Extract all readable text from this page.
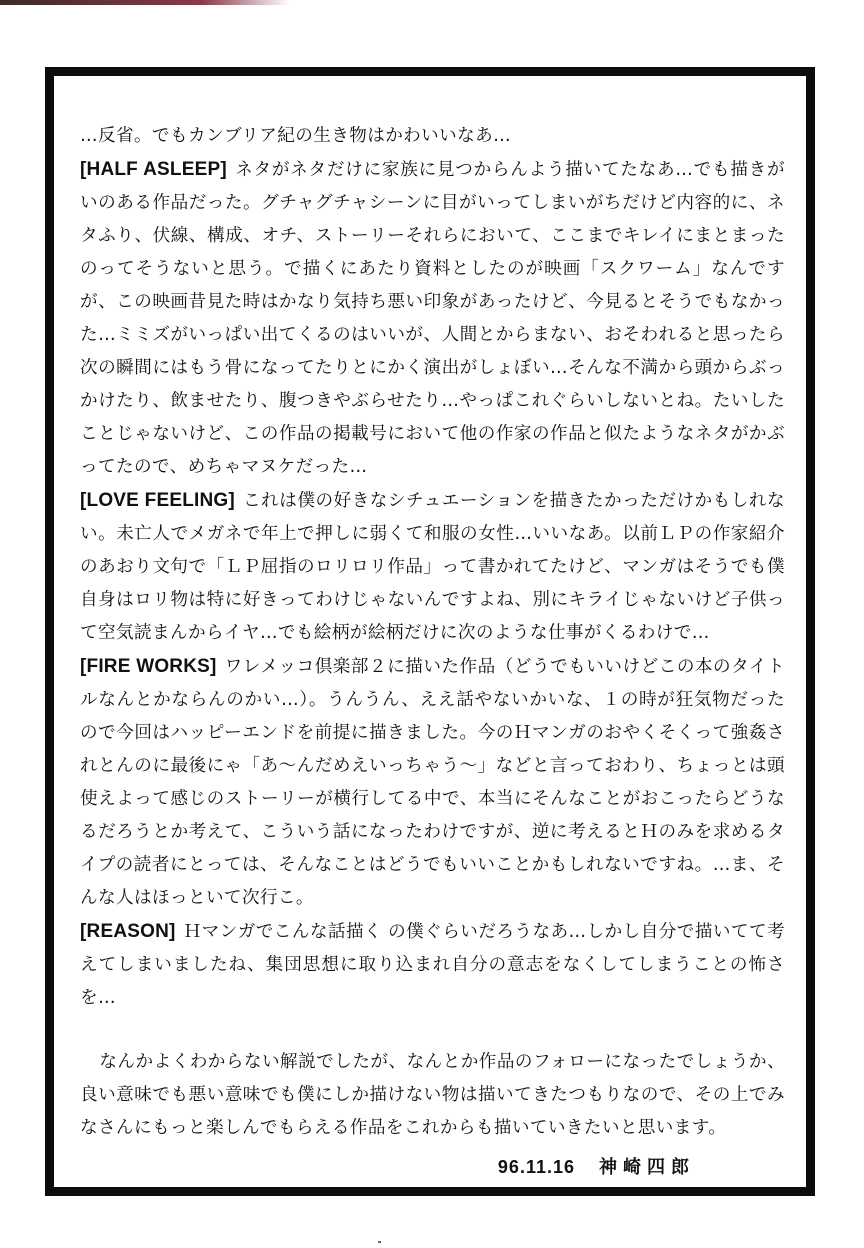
…反省。でもカンブリア紀の生き物はかわいいなあ…

[HALF ASLEEP] ネタがネタだけに家族に見つからんよう描いてたなあ…でも描きがいのある作品だった。グチャグチャシーンに目がいってしまいがちだけど内容的に、ネタふり、伏線、構成、オチ、ストーリーそれらにおいて、ここまでキレイにまとまったのってそうないと思う。で描くにあたり資料としたのが映画「スクワーム」なんですが、この映画昔見た時はかなり気持ち悪い印象があったけど、今見るとそうでもなかった…ミミズがいっぱい出てくるのはいいが、人間とからまない、おそわれると思ったら次の瞬間にはもう骨になってたりとにかく演出がしょぼい…そんな不満から頭からぶっかけたり、飲ませたり、腹つきやぶらせたり…やっぱこれぐらいしないとね。たいしたことじゃないけど、この作品の掲載号において他の作家の作品と似たようなネタがかぶってたので、めちゃマヌケだった…

[LOVE FEELING] これは僕の好きなシチュエーションを描きたかっただけかもしれない。未亡人でメガネで年上で押しに弱くて和服の女性…いいなあ。以前ＬＰの作家紹介のあおり文句で「ＬＰ屈指のロリロリ作品」って書かれてたけど、マンガはそうでも僕自身はロリ物は特に好きってわけじゃないんですよね、別にキライじゃないけど子供って空気読まんからイヤ…でも絵柄が絵柄だけに次のような仕事がくるわけで…

[FIRE WORKS] ワレメッコ倶楽部２に描いた作品（どうでもいいけどこの本のタイトルなんとかならんのかい…）。うんうん、ええ話やないかいな、１の時が狂気物だったので今回はハッピーエンドを前提に描きました。今のＨマンガのおやくそくって強姦されとんのに最後にゃ「あ〜んだめえいっちゃう〜」などと言っておわり、ちょっとは頭使えよって感じのストーリーが横行してる中で、本当にそんなことがおこったらどうなるだろうとか考えて、こういう話になったわけですが、逆に考えるとＨのみを求めるタイプの読者にとっては、そんなことはどうでもいいことかもしれないですね。…ま、そんな人はほっといて次行こ。

[REASON] Ｈマンガでこんな話描く の僕ぐらいだろうなあ…しかし自分で描いてて考えてしまいましたね、集団思想に取り込まれ自分の意志をなくしてしまうことの怖さを…

なんかよくわからない解説でしたが、なんとか作品のフォローになったでしょうか、良い意味でも悪い意味でも僕にしか描けない物は描いてきたつもりなので、その上でみなさんにもっと楽しんでもらえる作品をこれからも描いていきたいと思います。

96.11.16 神崎四郎
